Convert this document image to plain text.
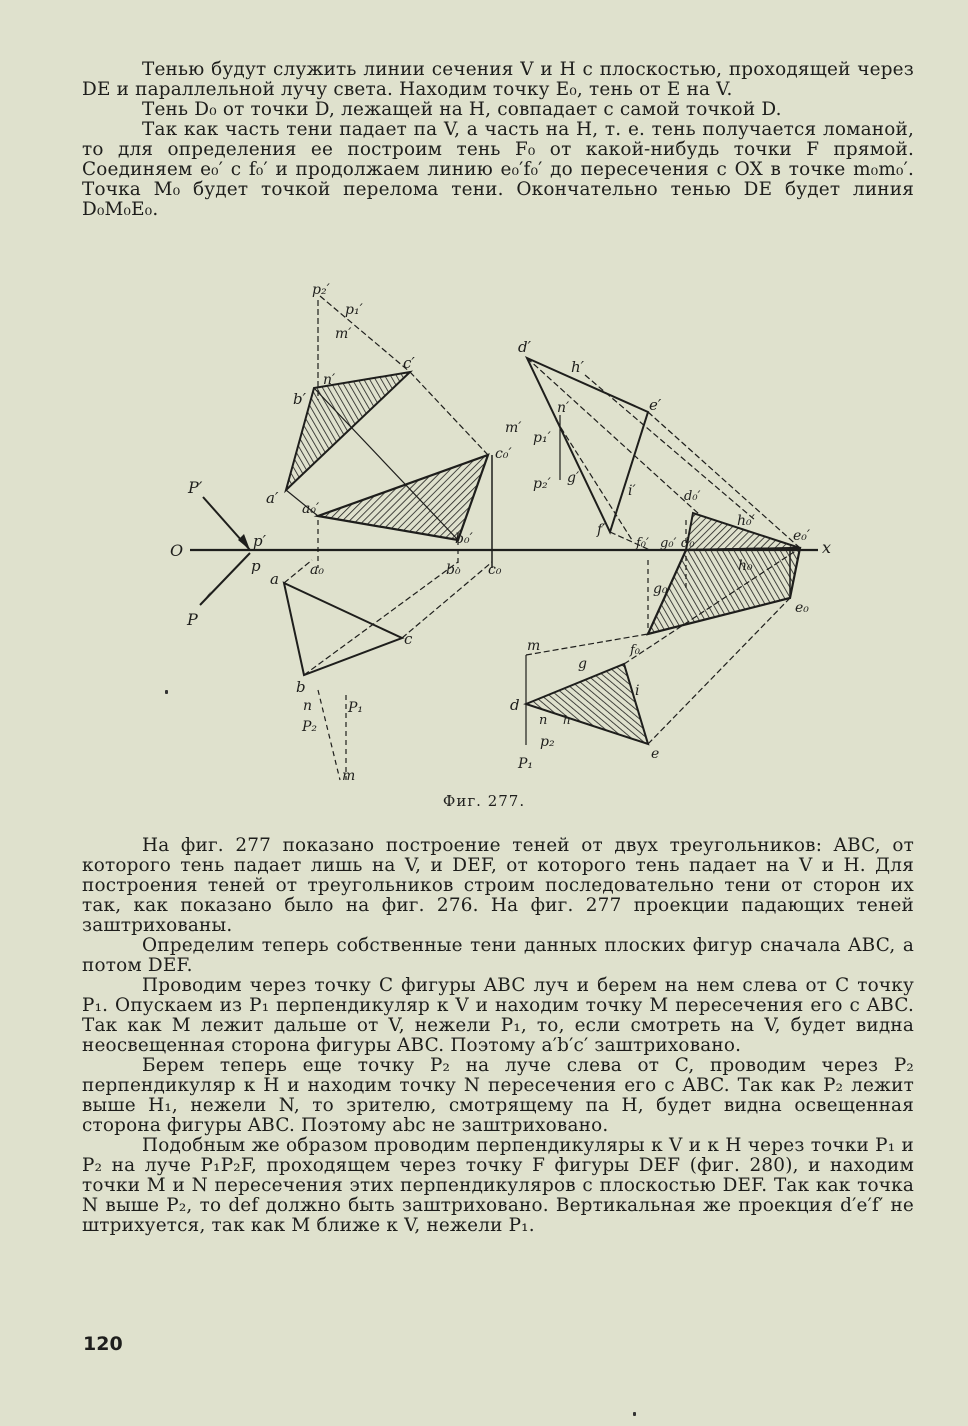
Тенью будут служить линии сечения V и H с плоскостью, проходящей через DE и параллельной лучу света. Находим точку E₀, тень от E на V.

Тень D₀ от точки D, лежащей на H, совпадает с самой точкой D.

Так как часть тени падает па V, а часть на H, т. е. тень получается ломаной, то для определения ее построим тень F₀ от какой-нибудь точки F прямой. Соединяем e₀′ с f₀′ и продолжаем линию e₀′f₀′ до пересечения с OX в точке m₀m₀′. Точка M₀ будет точкой перелома тени. Окончательно тенью DE будет линия D₀M₀E₀.

O	x
P′
P
p′
p
p₂′
p₁′
m′
n′
c′
b′
a′
a₀′
b₀′
c₀′
a₀	b₀ c₀
a
c
b
n	P₁
P₂
m
d′
h′
n′	e′
m′
p₁′
p₂′ g′
i′
f′
d₀′
h₀′
e₀′
f₀′ g₀′ d₀
h₀
g₀
e₀
f₀
m
g
i
d
n h
p₂
e
P₁
Фиг. 277.

На фиг. 277 показано построение теней от двух треугольников: ABC, от которого тень падает лишь на V, и DEF, от которого тень падает на V и H. Для построения теней от треугольников строим последовательно тени от сторон их так, как показано было на фиг. 276. На фиг. 277 проекции падающих теней заштрихованы.

Определим теперь собственные тени данных плоских фигур сначала ABC, а потом DEF.

Проводим через точку C фигуры ABC луч и берем на нем слева от C точку P₁. Опускаем из P₁ перпендикуляр к V и находим точку M пересечения его с ABC. Так как M лежит дальше от V, нежели P₁, то, если смотреть на V, будет видна неосвещенная сторона фигуры ABC. Поэтому a′b′c′ заштриховано.

Берем теперь еще точку P₂ на луче слева от C, проводим через P₂ перпендикуляр к H и находим точку N пересечения его с ABC. Так как P₂ лежит выше H₁, нежели N, то зрителю, смотрящему па H, будет видна освещенная сторона фигуры ABC. Поэтому abc не заштриховано.

Подобным же образом проводим перпендикуляры к V и к H через точки P₁ и P₂ на луче P₁P₂F, проходящем через точку F фигуры DEF (фиг. 280), и находим точки M и N пересечения этих перпендикуляров с плоскостью DEF. Так как точка N выше P₂, то def должно быть заштриховано. Вертикальная же проекция d′e′f′ не штрихуется, так как M ближе к V, нежели P₁.

120
